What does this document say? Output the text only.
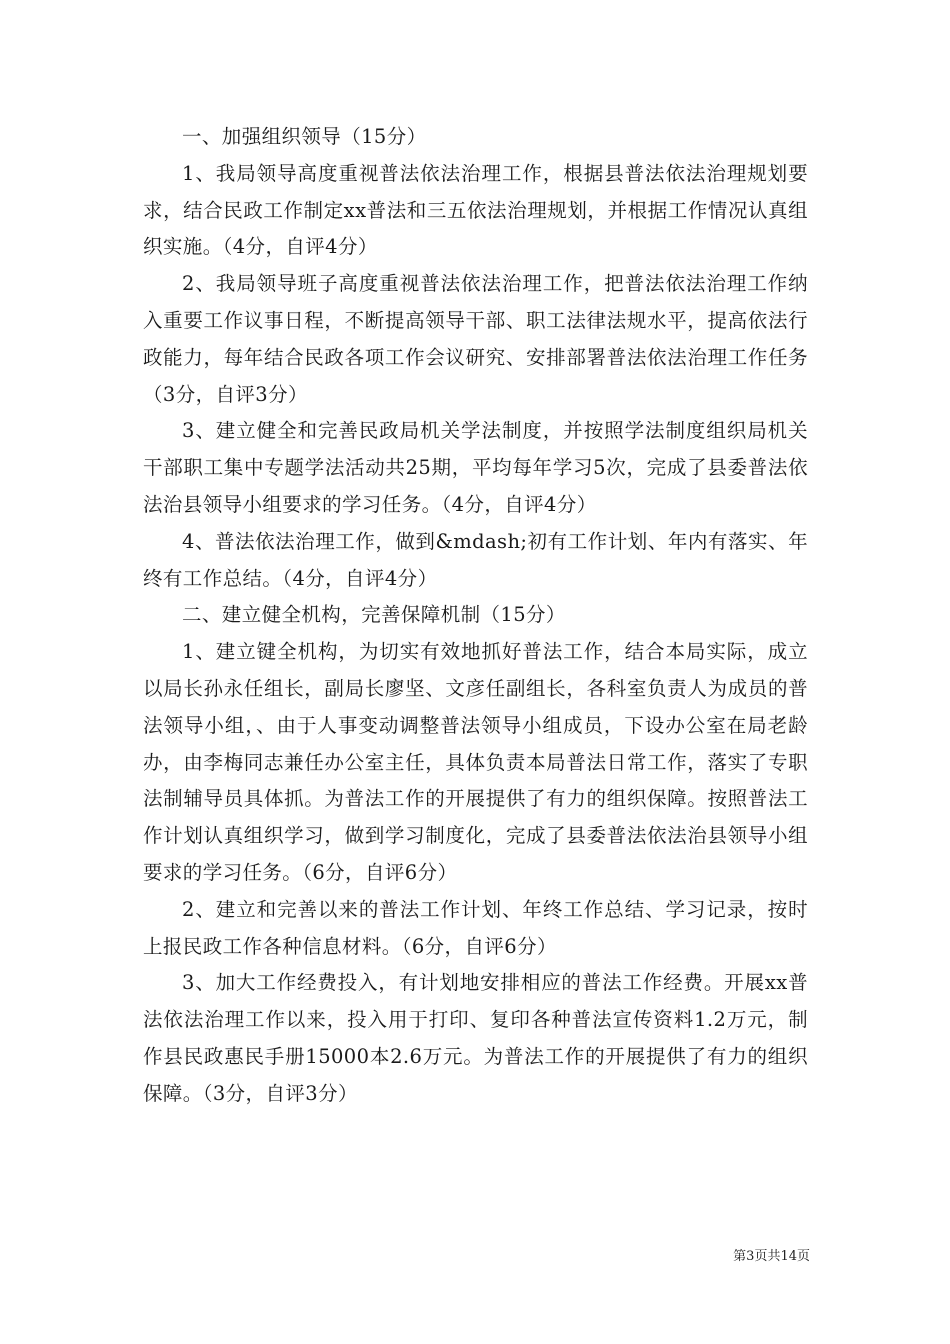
一、加强组织领导（15分）

1、我局领导高度重视普法依法治理工作，根据县普法依法治理规划要求，结合民政工作制定xx普法和三五依法治理规划，并根据工作情况认真组织实施。（4分，自评4分）

2、我局领导班子高度重视普法依法治理工作，把普法依法治理工作纳入重要工作议事日程，不断提高领导干部、职工法律法规水平，提高依法行政能力，每年结合民政各项工作会议研究、安排部署普法依法治理工作任务（3分，自评3分）

3、建立健全和完善民政局机关学法制度，并按照学法制度组织局机关干部职工集中专题学法活动共25期，平均每年学习5次，完成了县委普法依法治县领导小组要求的学习任务。（4分，自评4分）

4、普法依法治理工作，做到&mdash;初有工作计划、年内有落实、年终有工作总结。（4分，自评4分）

二、建立健全机构，完善保障机制（15分）

1、建立键全机构，为切实有效地抓好普法工作，结合本局实际，成立以局长孙永任组长，副局长廖坚、文彦任副组长，各科室负责人为成员的普法领导小组，、由于人事变动调整普法领导小组成员，下设办公室在局老龄办，由李梅同志兼任办公室主任，具体负责本局普法日常工作，落实了专职法制辅导员具体抓。为普法工作的开展提供了有力的组织保障。按照普法工作计划认真组织学习，做到学习制度化，完成了县委普法依法治县领导小组要求的学习任务。（6分，自评6分）

2、建立和完善以来的普法工作计划、年终工作总结、学习记录，按时上报民政工作各种信息材料。（6分，自评6分）

3、加大工作经费投入，有计划地安排相应的普法工作经费。开展xx普法依法治理工作以来，投入用于打印、复印各种普法宣传资料1.2万元，制作县民政惠民手册15000本2.6万元。为普法工作的开展提供了有力的组织保障。（3分，自评3分）

第3页共14页
